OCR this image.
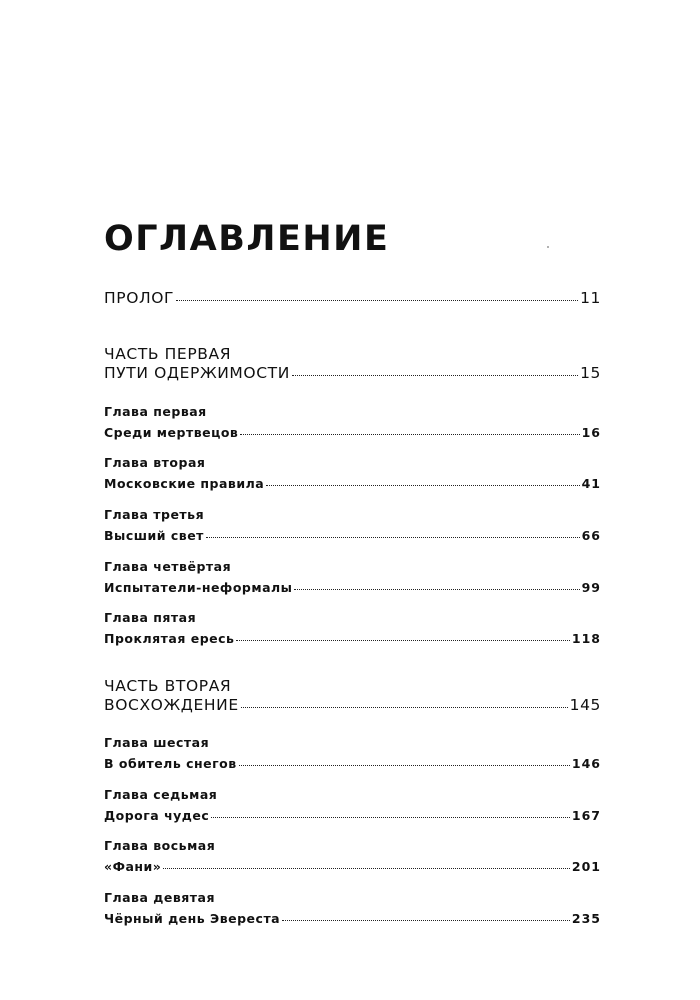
ОГЛАВЛЕНИЕ
ПРОЛОГ	11
ЧАСТЬ ПЕРВАЯ
ПУТИ ОДЕРЖИМОСТИ	15
Глава первая
Среди мертвецов	16
Глава вторая
Московские правила	41
Глава третья
Высший свет	66
Глава четвёртая
Испытатели-неформалы	99
Глава пятая
Проклятая ересь	118
ЧАСТЬ ВТОРАЯ
ВОСХОЖДЕНИЕ	145
Глава шестая
В обитель снегов	146
Глава седьмая
Дорога чудес	167
Глава восьмая
«Фани»	201
Глава девятая
Чёрный день Эвереста	235
